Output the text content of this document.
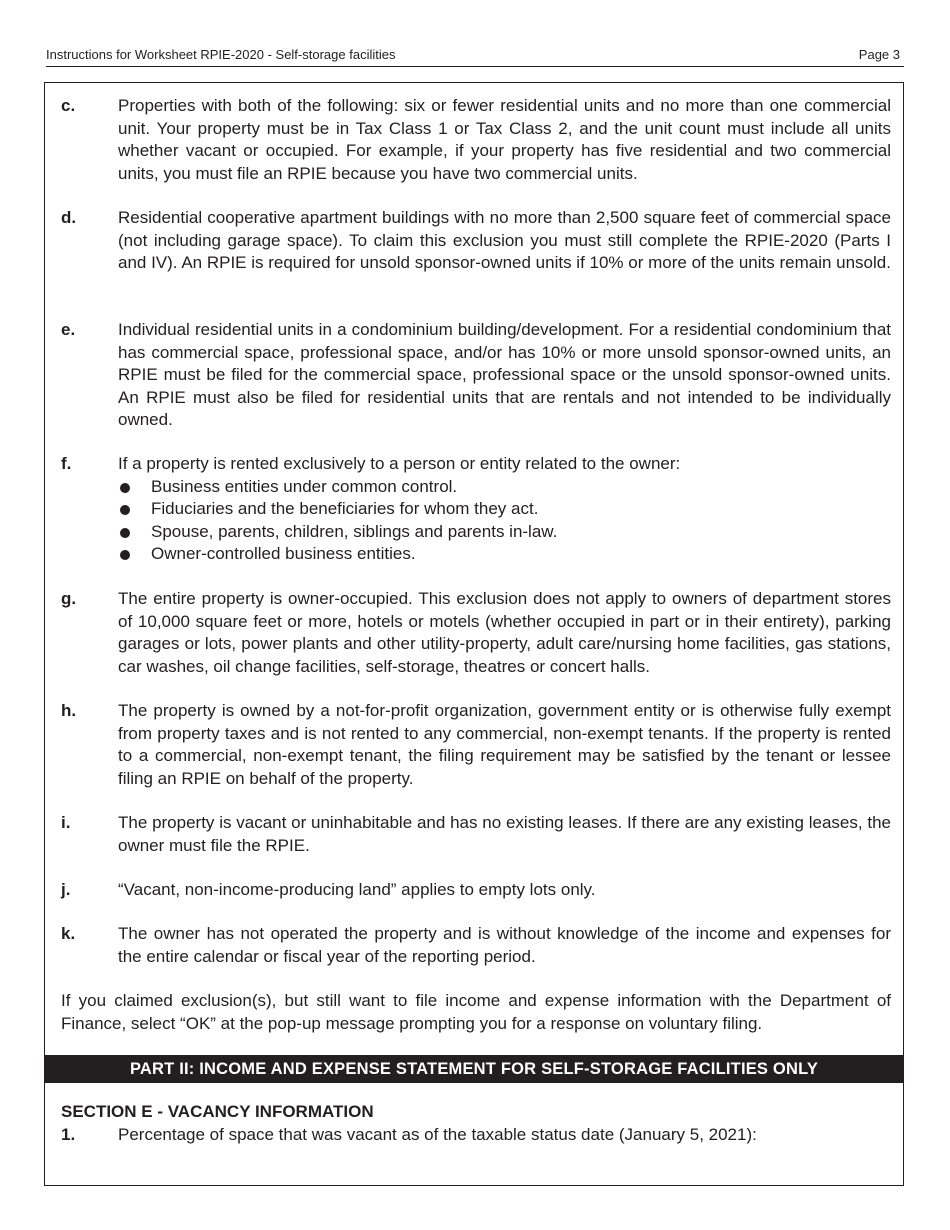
Instructions for Worksheet RPIE-2020 - Self-storage facilities	Page 3
c.	Properties with both of the following: six or fewer residential units and no more than one commercial unit. Your property must be in Tax Class 1 or Tax Class 2, and the unit count must include all units whether vacant or occupied. For example, if your property has five residential and two commercial units, you must file an RPIE because you have two commercial units.
d.	Residential cooperative apartment buildings with no more than 2,500 square feet of commercial space (not including garage space). To claim this exclusion you must still complete the RPIE-2020 (Parts I and IV). An RPIE is required for unsold sponsor-owned units if 10% or more of the units remain unsold.
e.	Individual residential units in a condominium building/development. For a residential condominium that has commercial space, professional space, and/or has 10% or more unsold sponsor-owned units, an RPIE must be filed for the commercial space, professional space or the unsold sponsor-owned units. An RPIE must also be filed for residential units that are rentals and not intended to be individually owned.
f.	If a property is rented exclusively to a person or entity related to the owner:
Business entities under common control.
Fiduciaries and the beneficiaries for whom they act.
Spouse, parents, children, siblings and parents in-law.
Owner-controlled business entities.
g.	The entire property is owner-occupied. This exclusion does not apply to owners of department stores of 10,000 square feet or more, hotels or motels (whether occupied in part or in their entirety), parking garages or lots, power plants and other utility-property, adult care/nursing home facilities, gas stations, car washes, oil change facilities, self-storage, theatres or concert halls.
h.	The property is owned by a not-for-profit organization, government entity or is otherwise fully exempt from property taxes and is not rented to any commercial, non-exempt tenants. If the property is rented to a commercial, non-exempt tenant, the filing requirement may be satisfied by the tenant or lessee filing an RPIE on behalf of the property.
i.	The property is vacant or uninhabitable and has no existing leases. If there are any existing leases, the owner must file the RPIE.
j.	“Vacant, non-income-producing land” applies to empty lots only.
k.	The owner has not operated the property and is without knowledge of the income and expenses for the entire calendar or fiscal year of the reporting period.
If you claimed exclusion(s), but still want to file income and expense information with the Department of Finance, select “OK” at the pop-up message prompting you for a response on voluntary filing.
PART II: INCOME AND EXPENSE STATEMENT FOR SELF-STORAGE FACILITIES ONLY
SECTION E - VACANCY INFORMATION
1.	Percentage of space that was vacant as of the taxable status date (January 5, 2021):
